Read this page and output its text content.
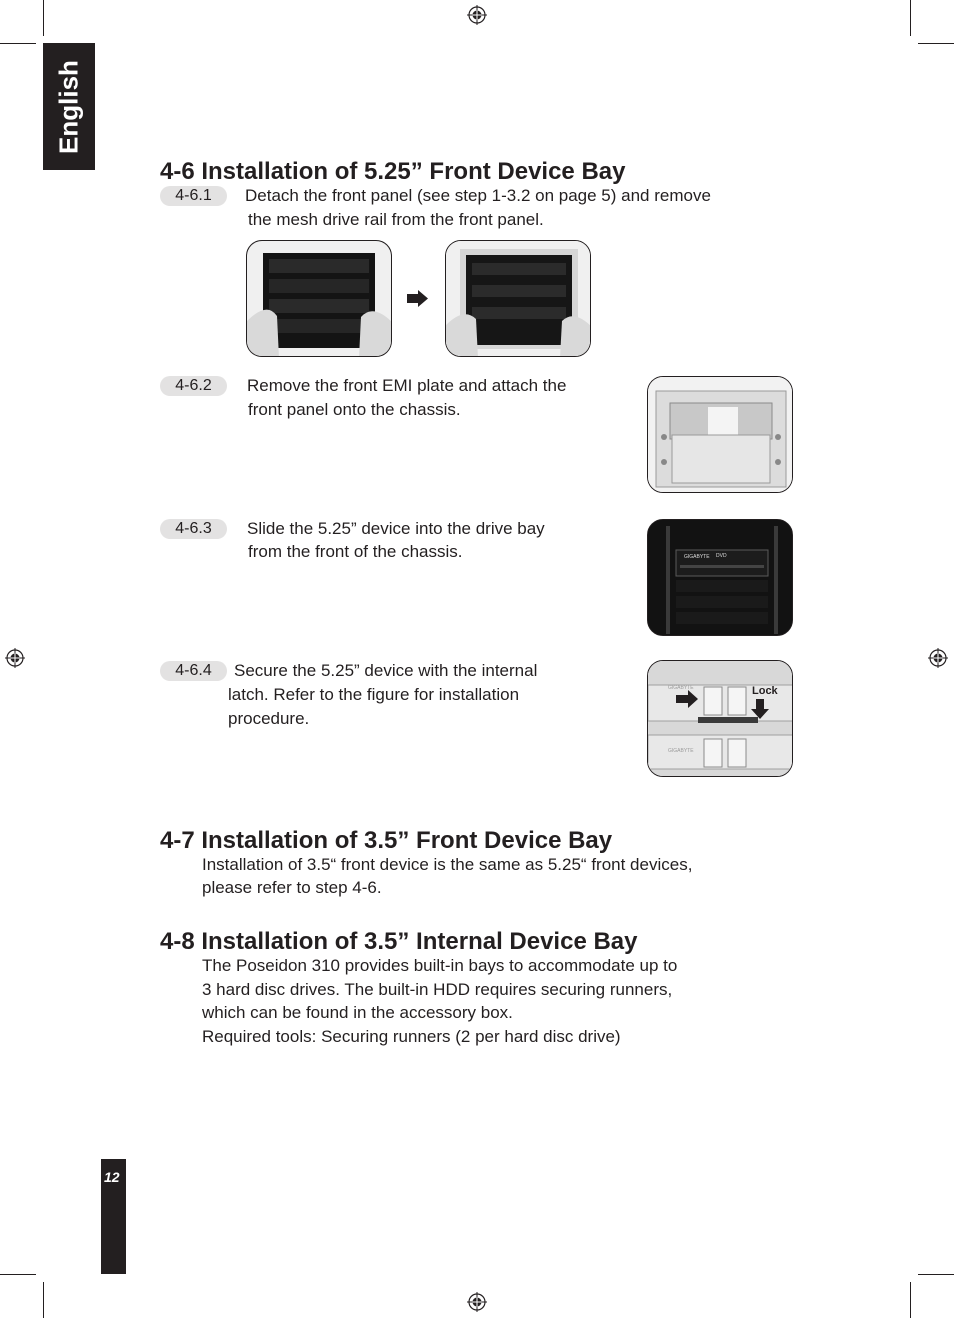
English
4-6 Installation of 5.25” Front Device Bay
4-6.1	Detach the front panel (see step 1-3.2 on page 5) and remove
the mesh drive rail from the front panel.
4-6.2	Remove the front EMI plate and attach the
front panel onto the chassis.
4-6.3	Slide the 5.25” device into the drive bay
from the front of the chassis.	GIGABYTE DVD
4-6.4	Secure the 5.25” device with the internal
latch. Refer to the figure for installation
procedure.
GIGABYTE
GIGABYTE
Lock
4-7 Installation of 3.5” Front Device Bay
Installation of 3.5“ front device is the same as 5.25“ front devices,
please refer to step 4-6.
4-8 Installation of 3.5” Internal Device Bay
The Poseidon 310 provides built-in bays to accommodate up to
3 hard disc drives. The built-in HDD requires securing runners,
which can be found in the accessory box.
Required tools: Securing runners (2 per hard disc drive)
12
